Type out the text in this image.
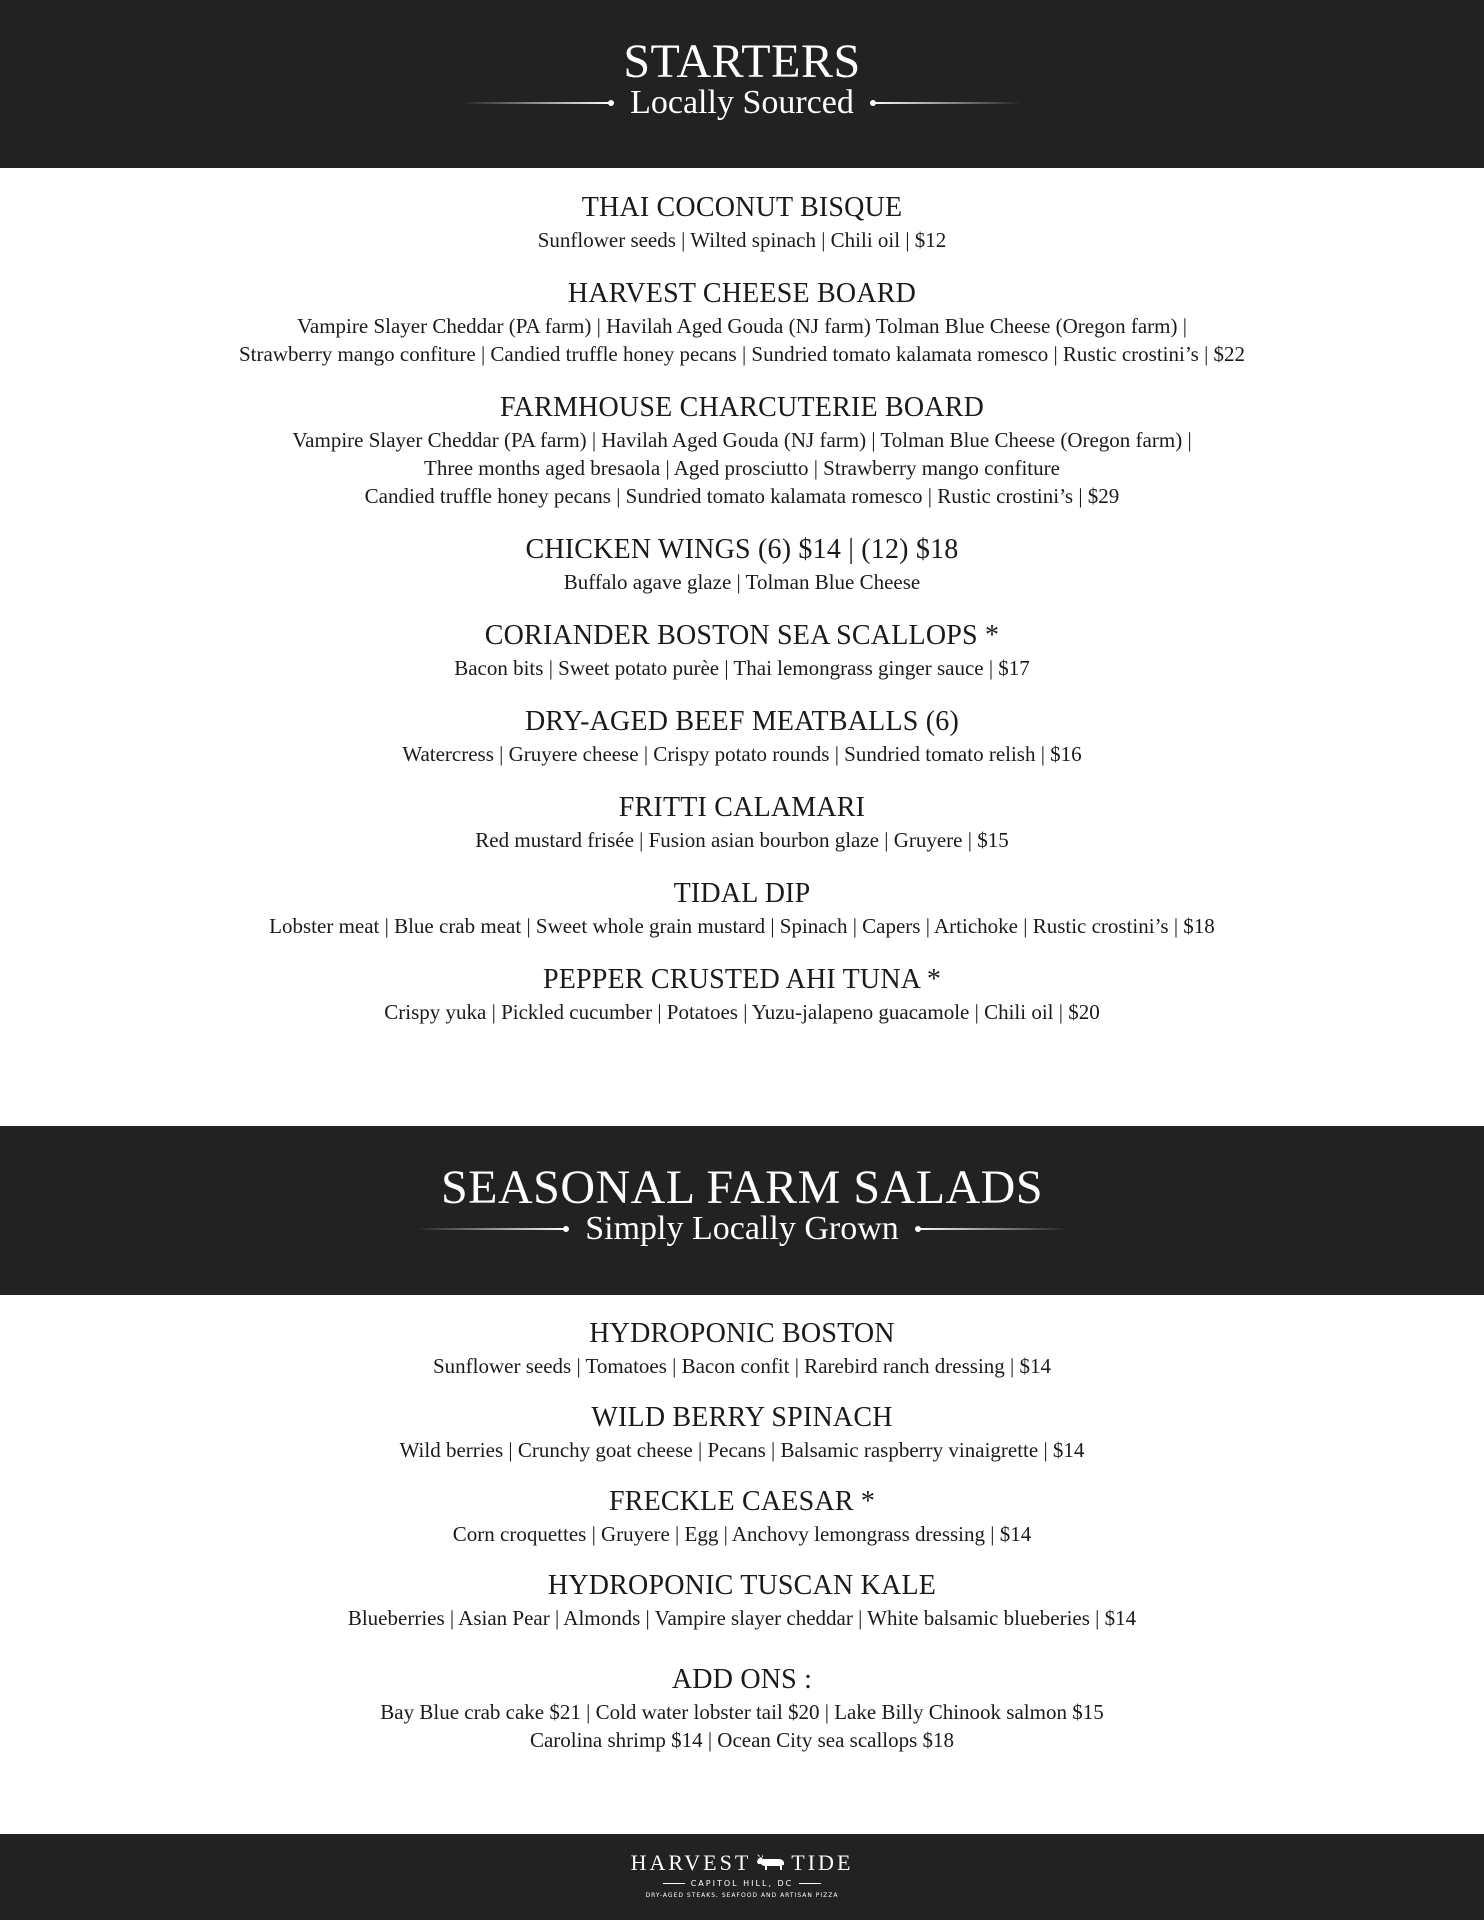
STARTERS
Locally Sourced
THAI COCONUT BISQUE
Sunflower seeds | Wilted spinach | Chili oil | $12
HARVEST CHEESE BOARD
Vampire Slayer Cheddar (PA farm) | Havilah Aged Gouda (NJ farm) Tolman Blue Cheese (Oregon farm) |
Strawberry mango confiture | Candied truffle honey pecans | Sundried tomato kalamata romesco | Rustic crostini’s | $22
FARMHOUSE CHARCUTERIE BOARD
Vampire Slayer Cheddar (PA farm) | Havilah Aged Gouda (NJ farm) | Tolman Blue Cheese (Oregon farm) |
Three months aged bresaola | Aged prosciutto | Strawberry mango confiture
Candied truffle honey pecans | Sundried tomato kalamata romesco | Rustic crostini’s | $29
CHICKEN WINGS (6) $14 | (12) $18
Buffalo agave glaze | Tolman Blue Cheese
CORIANDER BOSTON SEA SCALLOPS *
Bacon bits | Sweet potato purèe | Thai lemongrass ginger sauce | $17
DRY-AGED BEEF MEATBALLS (6)
Watercress | Gruyere cheese | Crispy potato rounds | Sundried tomato relish | $16
FRITTI CALAMARI
Red mustard frisée | Fusion asian bourbon glaze | Gruyere | $15
TIDAL DIP
Lobster meat | Blue crab meat | Sweet whole grain mustard | Spinach | Capers | Artichoke | Rustic crostini’s | $18
PEPPER CRUSTED AHI TUNA *
Crispy yuka | Pickled cucumber | Potatoes | Yuzu-jalapeno guacamole | Chili oil | $20
SEASONAL FARM SALADS
Simply Locally Grown
HYDROPONIC BOSTON
Sunflower seeds | Tomatoes | Bacon confit | Rarebird ranch dressing | $14
WILD BERRY SPINACH
Wild berries | Crunchy goat cheese | Pecans | Balsamic raspberry vinaigrette | $14
FRECKLE CAESAR *
Corn croquettes | Gruyere | Egg | Anchovy lemongrass dressing | $14
HYDROPONIC TUSCAN KALE
Blueberries | Asian Pear | Almonds | Vampire slayer cheddar | White balsamic blueberies | $14
ADD ONS :
Bay Blue crab cake $21 | Cold water lobster tail $20 | Lake Billy Chinook salmon $15
Carolina shrimp $14 | Ocean City sea scallops $18
HARVEST TIDE
CAPITOL HILL, DC
DRY-AGED STEAKS, SEAFOOD AND ARTISAN PIZZA
